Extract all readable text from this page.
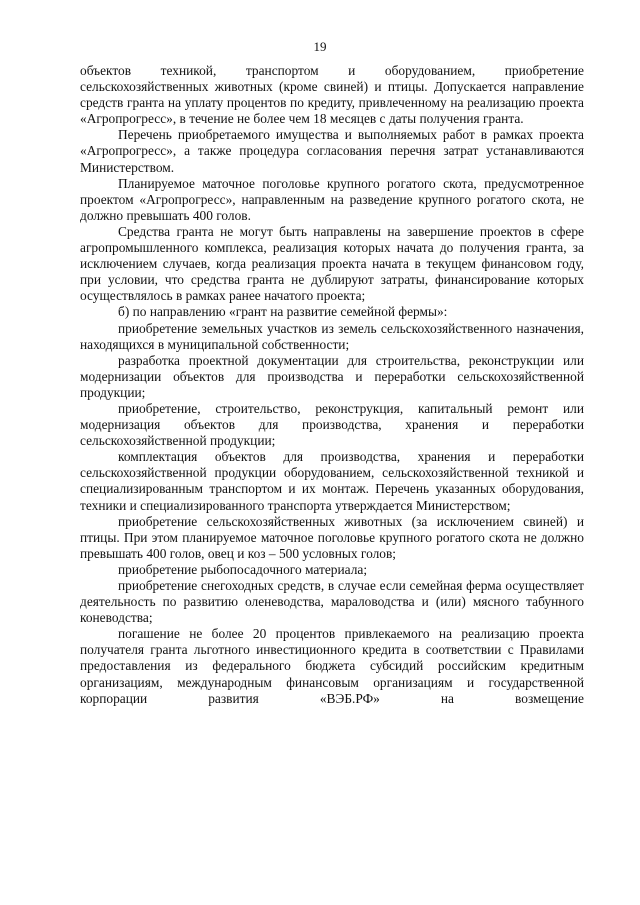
19

объектов техникой, транспортом и оборудованием, приобретение сельскохозяйственных животных (кроме свиней) и птицы. Допускается направление средств гранта на уплату процентов по кредиту, привлеченному на реализацию проекта «Агропрогресс», в течение не более чем 18 месяцев с даты получения гранта.

Перечень приобретаемого имущества и выполняемых работ в рамках проекта «Агропрогресс», а также процедура согласования перечня затрат устанавливаются Министерством.

Планируемое маточное поголовье крупного рогатого скота, предусмотренное проектом «Агропрогресс», направленным на разведение крупного рогатого скота, не должно превышать 400 голов.

Средства гранта не могут быть направлены на завершение проектов в сфере агропромышленного комплекса, реализация которых начата до получения гранта, за исключением случаев, когда реализация проекта начата в текущем финансовом году, при условии, что средства гранта не дублируют затраты, финансирование которых осуществлялось в рамках ранее начатого проекта;

б) по направлению «грант на развитие семейной фермы»:

приобретение земельных участков из земель сельскохозяйственного назначения, находящихся в муниципальной собственности;

разработка проектной документации для строительства, реконструкции или модернизации объектов для производства и переработки сельскохозяйственной продукции;

приобретение, строительство, реконструкция, капитальный ремонт или модернизация объектов для производства, хранения и переработки сельскохозяйственной продукции;

комплектация объектов для производства, хранения и переработки сельскохозяйственной продукции оборудованием, сельскохозяйственной техникой и специализированным транспортом и их монтаж. Перечень указанных оборудования, техники и специализированного транспорта утверждается Министерством;

приобретение сельскохозяйственных животных (за исключением свиней) и птицы. При этом планируемое маточное поголовье крупного рогатого скота не должно превышать 400 голов, овец и коз – 500 условных голов;

приобретение рыбопосадочного материала;

приобретение снегоходных средств, в случае если семейная ферма осуществляет деятельность по развитию оленеводства, мараловодства и (или) мясного табунного коневодства;

погашение не более 20 процентов привлекаемого на реализацию проекта получателя гранта льготного инвестиционного кредита в соответствии с Правилами предоставления из федерального бюджета субсидий российским кредитным организациям, международным финансовым организациям и государственной корпорации развития «ВЭБ.РФ» на возмещение
